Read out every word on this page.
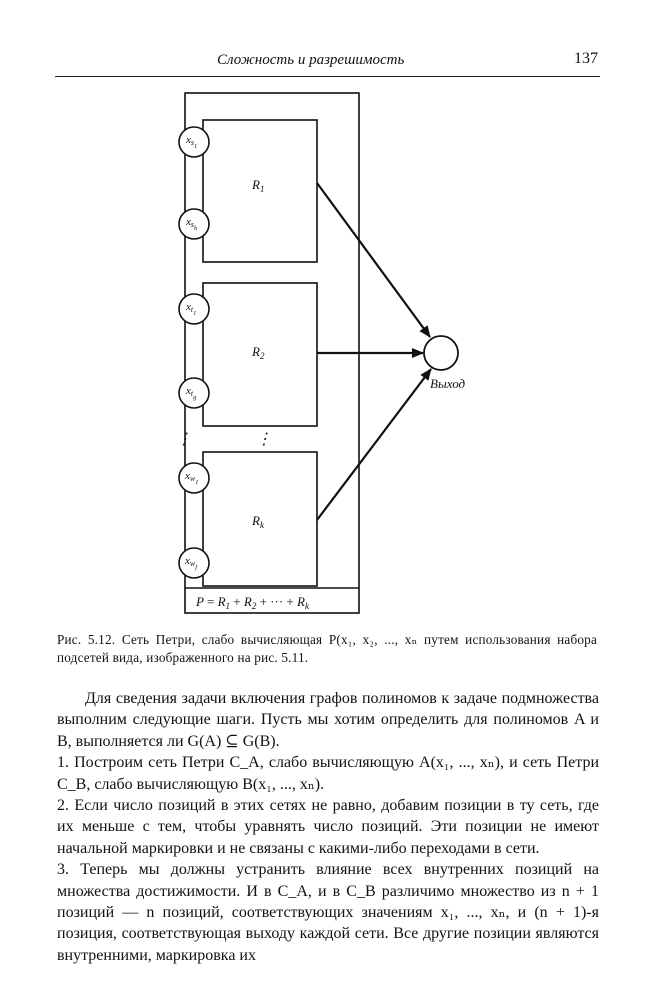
Сложность и разрешимость	137
$R_1$
$R_2$
$R_k$
$xs_1$
$xs_h$
$xt_1$
$xt_g$
$xw_1$
$xw_f$
⋮	⋮
Выход
$P = R_1 + R_2$ + ··· + $R_k$
Рис. 5.12. Сеть Петри, слабо вычисляющая P(x₁, x₂, ..., xₙ путем использования набора подсетей вида, изображенного на рис. 5.11.

Для сведения задачи включения графов полиномов к задаче подмножества выполним следующие шаги. Пусть мы хотим определить для полиномов A и B, выполняется ли G(A) ⊆ G(B).

1. Построим сеть Петри C_A, слабо вычисляющую A(x₁, ..., xₙ), и сеть Петри C_B, слабо вычисляющую B(x₁, ..., xₙ).

2. Если число позиций в этих сетях не равно, добавим позиции в ту сеть, где их меньше с тем, чтобы уравнять число позиций. Эти позиции не имеют начальной маркировки и не связаны с какими-либо переходами в сети.

3. Теперь мы должны устранить влияние всех внутренних позиций на множества достижимости. И в C_A, и в C_B различимо множество из n + 1 позиций — n позиций, соответствующих значениям x₁, ..., xₙ, и (n + 1)-я позиция, соответствующая выходу каждой сети. Все другие позиции являются внутренними, маркировка их
